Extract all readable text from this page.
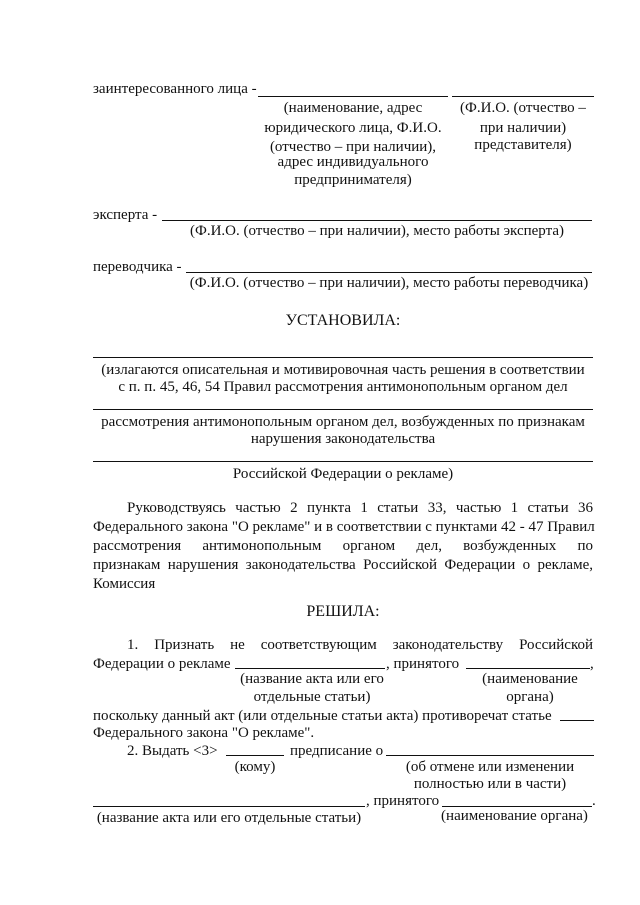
заинтересованного лица -
(наименование, адрес
юридического лица, Ф.И.О.
(отчество – при наличии),
адрес индивидуального
предпринимателя)
(Ф.И.О. (отчество –
при наличии)
представителя)
эксперта -
(Ф.И.О. (отчество – при наличии), место работы эксперта)
переводчика -
(Ф.И.О. (отчество – при наличии), место работы переводчика)
УСТАНОВИЛА:
(излагаются описательная и мотивировочная часть решения в соответствии
с п. п. 45, 46, 54 Правил рассмотрения антимонопольным органом дел
рассмотрения антимонопольным органом дел, возбужденных по признакам
нарушения законодательства
Российской Федерации о рекламе)
Руководствуясь частью 2 пункта 1 статьи 33, частью 1 статьи 36
Федерального закона "О рекламе" и в соответствии с пунктами 42 - 47 Правил
рассмотрения антимонопольным органом дел, возбужденных по
признакам нарушения законодательства Российской Федерации о рекламе,
Комиссия
РЕШИЛА:
1. Признать не соответствующим законодательству Российской
Федерации о рекламе	, принятого	,
(название акта или его
отдельные статьи)
(наименование
органа)
поскольку данный акт (или отдельные статьи акта) противоречат статье
Федерального закона "О рекламе".
2. Выдать <3>	предписание о
(кому)	(об отмене или изменении
полностью или в части)
, принятого	.
(название акта или его отдельные статьи)	(наименование органа)
